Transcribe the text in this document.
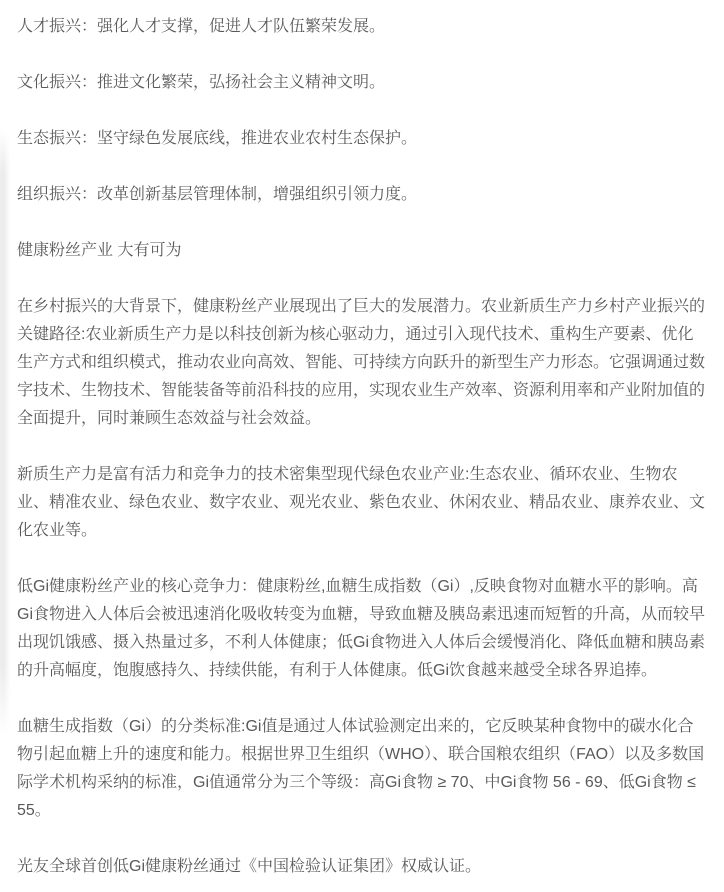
人才振兴：强化人才支撑，促进人才队伍繁荣发展。

文化振兴：推进文化繁荣，弘扬社会主义精神文明。

生态振兴：坚守绿色发展底线，推进农业农村生态保护。

组织振兴：改革创新基层管理体制，增强组织引领力度。

健康粉丝产业 大有可为

在乡村振兴的大背景下，健康粉丝产业展现出了巨大的发展潜力。农业新质生产力乡村产业振兴的关键路径:农业新质生产力是以科技创新为核心驱动力，通过引入现代技术、重构生产要素、优化生产方式和组织模式，推动农业向高效、智能、可持续方向跃升的新型生产力形态。它强调通过数字技术、生物技术、智能装备等前沿科技的应用，实现农业生产效率、资源利用率和产业附加值的全面提升，同时兼顾生态效益与社会效益。

新质生产力是富有活力和竞争力的技术密集型现代绿色农业产业:生态农业、循环农业、生物农业、精准农业、绿色农业、数字农业、观光农业、紫色农业、休闲农业、精品农业、康养农业、文化农业等。

低Gi健康粉丝产业的核心竞争力：健康粉丝,血糖生成指数（Gi）,反映食物对血糖水平的影响。高Gi食物进入人体后会被迅速消化吸收转变为血糖，导致血糖及胰岛素迅速而短暂的升高，从而较早出现饥饿感、摄入热量过多，不利人体健康；低Gi食物进入人体后会缓慢消化、降低血糖和胰岛素的升高幅度，饱腹感持久、持续供能，有利于人体健康。低Gi饮食越来越受全球各界追捧。

血糖生成指数（Gi）的分类标准:Gi值是通过人体试验测定出来的，它反映某种食物中的碳水化合物引起血糖上升的速度和能力。根据世界卫生组织（WHO）、联合国粮农组织（FAO）以及多数国际学术机构采纳的标准，Gi值通常分为三个等级：高Gi食物 ≥ 70、中Gi食物 56 - 69、低Gi食物 ≤ 55。

光友全球首创低Gi健康粉丝通过《中国检验认证集团》权威认证。
